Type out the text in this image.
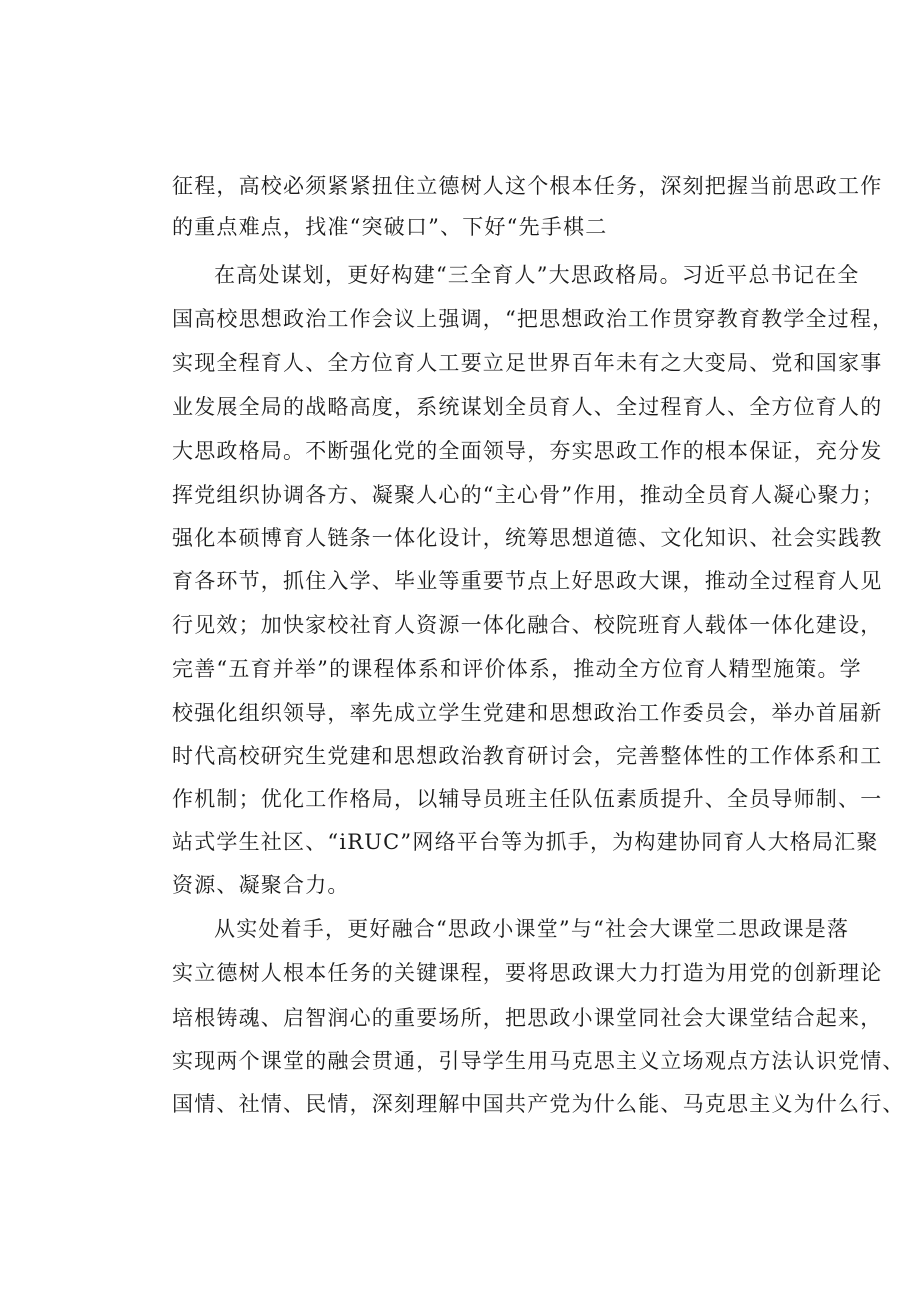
征程，高校必须紧紧扭住立德树人这个根本任务，深刻把握当前思政工作
的重点难点，找准“突破口”、下好“先手棋二
在高处谋划，更好构建“三全育人”大思政格局。习近平总书记在全
国高校思想政治工作会议上强调，“把思想政治工作贯穿教育教学全过程，
实现全程育人、全方位育人工要立足世界百年未有之大变局、党和国家事
业发展全局的战略高度，系统谋划全员育人、全过程育人、全方位育人的
大思政格局。不断强化党的全面领导，夯实思政工作的根本保证，充分发
挥党组织协调各方、凝聚人心的“主心骨”作用，推动全员育人凝心聚力；
强化本硕博育人链条一体化设计，统筹思想道德、文化知识、社会实践教
育各环节，抓住入学、毕业等重要节点上好思政大课，推动全过程育人见
行见效；加快家校社育人资源一体化融合、校院班育人载体一体化建设，
完善“五育并举”的课程体系和评价体系，推动全方位育人精型施策。学
校强化组织领导，率先成立学生党建和思想政治工作委员会，举办首届新
时代高校研究生党建和思想政治教育研讨会，完善整体性的工作体系和工
作机制；优化工作格局，以辅导员班主任队伍素质提升、全员导师制、一
站式学生社区、“iRUC”网络平台等为抓手，为构建协同育人大格局汇聚
资源、凝聚合力。
从实处着手，更好融合“思政小课堂”与“社会大课堂二思政课是落
实立德树人根本任务的关键课程，要将思政课大力打造为用党的创新理论
培根铸魂、启智润心的重要场所，把思政小课堂同社会大课堂结合起来，
实现两个课堂的融会贯通，引导学生用马克思主义立场观点方法认识党情、
国情、社情、民情，深刻理解中国共产党为什么能、马克思主义为什么行、
